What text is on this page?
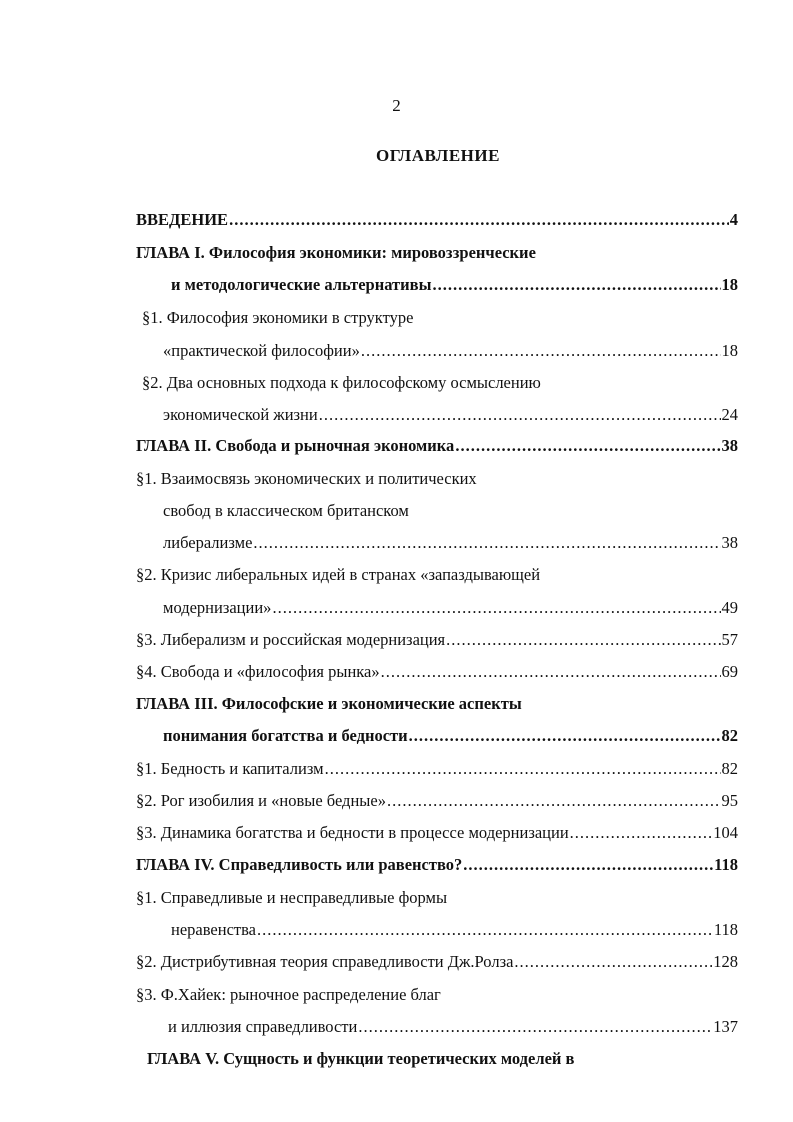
2
ОГЛАВЛЕНИЕ
ВВЕДЕНИЕ .....	4
ГЛАВА I. Философия экономики: мировоззренческие
и методологические альтернативы .....	18
§1. Философия экономики в структуре
«практической философии» .....	18
§2. Два основных подхода к философскому осмыслению
экономической жизни .....	24
ГЛАВА II. Свобода и рыночная экономика .....	38
§1. Взаимосвязь экономических и политических
свобод в классическом британском
либерализме .....	38
§2. Кризис либеральных идей в странах «запаздывающей
модернизации» .....	49
§3. Либерализм и российская модернизация .....	57
§4. Свобода и «философия рынка» .....	69
ГЛАВА III. Философские и экономические аспекты
понимания богатства и бедности .....	82
§1. Бедность и капитализм .....	82
§2. Рог изобилия и «новые бедные» .....	95
§3. Динамика богатства и бедности в процессе модернизации .....	104
ГЛАВА IV. Справедливость или равенство? .....	118
§1. Справедливые и несправедливые формы
неравенства .....	118
§2. Дистрибутивная теория справедливости Дж.Ролза .....	128
§3. Ф.Хайек: рыночное распределение благ
и иллюзия справедливости .....	137
ГЛАВА V. Сущность и функции теоретических моделей в
